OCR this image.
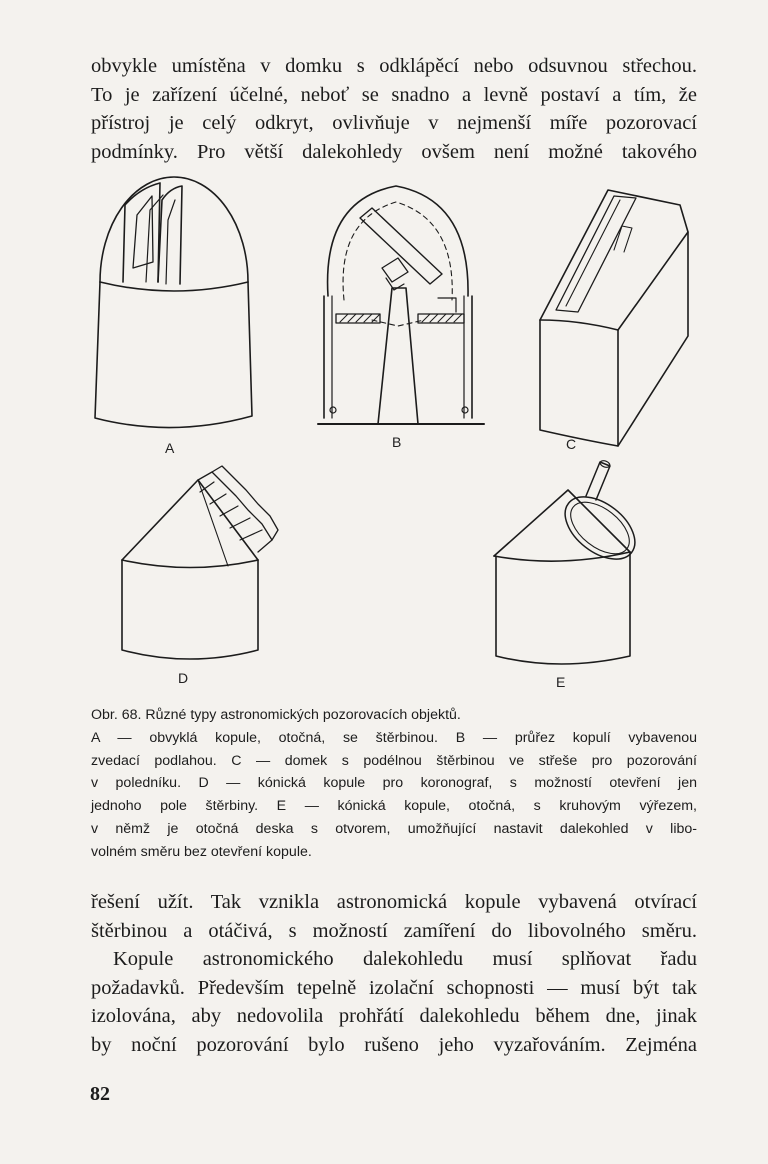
obvykle umístěna v domku s odklápěcí nebo odsuvnou střechou.
To je zařízení účelné, neboť se snadno a levně postaví a tím, že
přístroj je celý odkryt, ovlivňuje v nejmenší míře pozorovací
podmínky. Pro větší dalekohledy ovšem není možné takového

A	B	C
D	E
Obr. 68. Různé typy astronomických pozorovacích objektů.
A — obvyklá kopule, otočná, se štěrbinou. B — průřez kopulí vybavenou
zvedací podlahou. C — domek s podélnou štěrbinou ve střeše pro pozorování
v poledníku. D — kónická kopule pro koronograf, s možností otevření jen
jednoho pole štěrbiny. E — kónická kopule, otočná, s kruhovým výřezem,
v němž je otočná deska s otvorem, umožňující nastavit dalekohled v libo-
volném směru bez otevření kopule.

řešení užít. Tak vznikla astronomická kopule vybavená otvírací
štěrbinou a otáčivá, s možností zamíření do libovolného směru.
Kopule astronomického dalekohledu musí splňovat řadu
požadavků. Především tepelně izolační schopnosti — musí být tak
izolována, aby nedovolila prohřátí dalekohledu během dne, jinak
by noční pozorování bylo rušeno jeho vyzařováním. Zejména

82
